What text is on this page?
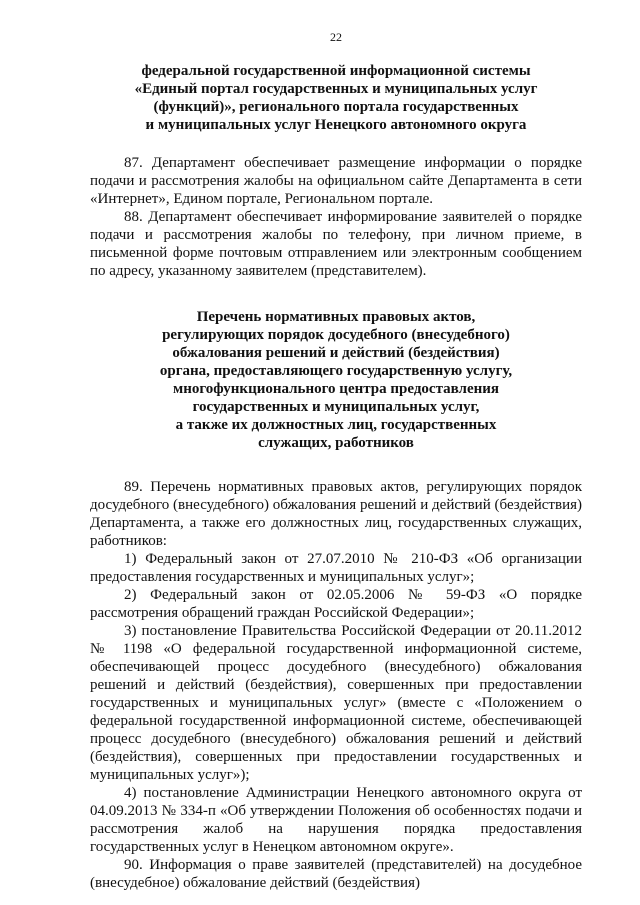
22
федеральной государственной информационной системы
«Единый портал государственных и муниципальных услуг
(функций)», регионального портала государственных
и муниципальных услуг Ненецкого автономного округа

87. Департамент обеспечивает размещение информации о порядке подачи и рассмотрения жалобы на официальном сайте Департамента в сети «Интернет», Едином портале, Региональном портале.

88. Департамент обеспечивает информирование заявителей о порядке подачи и рассмотрения жалобы по телефону, при личном приеме, в письменной форме почтовым отправлением или электронным сообщением по адресу, указанному заявителем (представителем).

Перечень нормативных правовых актов,
регулирующих порядок досудебного (внесудебного)
обжалования решений и действий (бездействия)
органа, предоставляющего государственную услугу,
многофункционального центра предоставления
государственных и муниципальных услуг,
а также их должностных лиц, государственных
служащих, работников

89. Перечень нормативных правовых актов, регулирующих порядок досудебного (внесудебного) обжалования решений и действий (бездействия) Департамента, а также его должностных лиц, государственных служащих, работников:

1) Федеральный закон от 27.07.2010 № 210-ФЗ «Об организации предоставления государственных и муниципальных услуг»;

2) Федеральный закон от 02.05.2006 № 59-ФЗ «О порядке рассмотрения обращений граждан Российской Федерации»;

3) постановление Правительства Российской Федерации от 20.11.2012 № 1198 «О федеральной государственной информационной системе, обеспечивающей процесс досудебного (внесудебного) обжалования решений и действий (бездействия), совершенных при предоставлении государственных и муниципальных услуг» (вместе с «Положением о федеральной государственной информационной системе, обеспечивающей процесс досудебного (внесудебного) обжалования решений и действий (бездействия), совершенных при предоставлении государственных и муниципальных услуг»);

4) постановление Администрации Ненецкого автономного округа от 04.09.2013 № 334-п «Об утверждении Положения об особенностях подачи и рассмотрения жалоб на нарушения порядка предоставления государственных услуг в Ненецком автономном округе».

90. Информация о праве заявителей (представителей) на досудебное (внесудебное) обжалование действий (бездействия)
